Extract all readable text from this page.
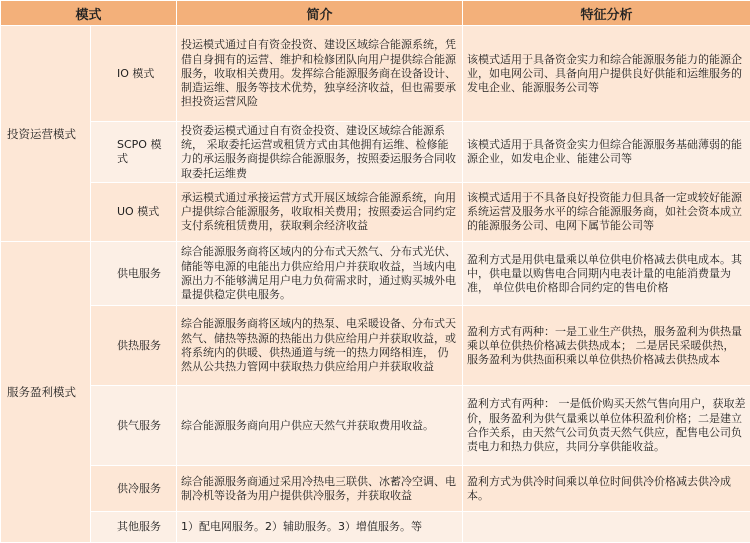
模式		简介	特征分析
投资运营模式	IO 模式	投运模式通过自有资金投资、建设区域综合能源系统，凭借自身拥有的运营、维护和检修团队向用户提供综合能源服务，收取相关费用。发挥综合能源服务商在设备设计、制造运维、服务等技术优势，独享经济收益，但也需要承担投资运营风险	该模式适用于具备资金实力和综合能源服务能力的能源企业，如电网公司、具备向用户提供良好供能和运维服务的发电企业、能源服务公司等

	SCPO 模式	投资委运模式通过自有资金投资、建设区域综合能源系统， 采取委托运营或租赁方式由其他拥有运维、检修能力的承运服务商提供综合能源服务，按照委运服务合同收取委托运维费	该模式适用于具备资金实力但综合能源服务基础薄弱的能源企业，如发电企业、能建公司等

	UO 模式	承运模式通过承接运营方式开展区域综合能源系统，向用户提供综合能源服务，收取相关费用；按照委运合同约定支付系统租赁费用，获取剩余经济收益	该模式适用于不具备良好投资能力但具备一定或较好能源系统运营及服务水平的综合能源服务商，如社会资本成立的能源服务公司、电网下属节能公司等
服务盈利模式	供电服务	综合能源服务商将区域内的分布式天然气、分布式光伏、储能等电源的电能出力供应给用户并获取收益，当域内电源出力不能够满足用户电力负荷需求时，通过购买城外电量提供稳定供电服务。	盈利方式是用供电量乘以单位供电价格减去供电成本。其中，供电量以购售电合同期内电表计量的电能消费量为准， 单位供电价格即合同约定的售电价格

	供热服务	综合能源服务商将区域内的热泵、电采暖设备、分布式天然气、储热等热源的热能出力供应给用户并获取收益，或将系统内的供暖、供热通道与统一的热力网络相连， 仍然从公共热力管网中获取热力供应给用户并获取收益	盈利方式有两种：一是工业生产供热，服务盈利为供热量乘以单位供热价格减去供热成本； 二是居民采暖供热， 服务盈利为供热面积乘以单位供热价格减去供热成本

	供气服务	综合能源服务商向用户供应天然气并获取费用收益。	盈利方式有两种： 一是低价购买天然气售向用户，获取差价，服务盈利为供气量乘以单位体积盈利价格；二是建立合作关系，由天然气公司负责天然气供应，配售电公司负责电力和热力供应，共同分享供能收益。

	供冷服务	综合能源服务商通过采用冷热电三联供、冰蓄冷空调、电制冷机等设备为用户提供供冷服务，并获取收益	盈利方式为供冷时间乘以单位时间供冷价格减去供冷成本。

	其他服务	1）配电网服务。2）辅助服务。3）增值服务。等	
